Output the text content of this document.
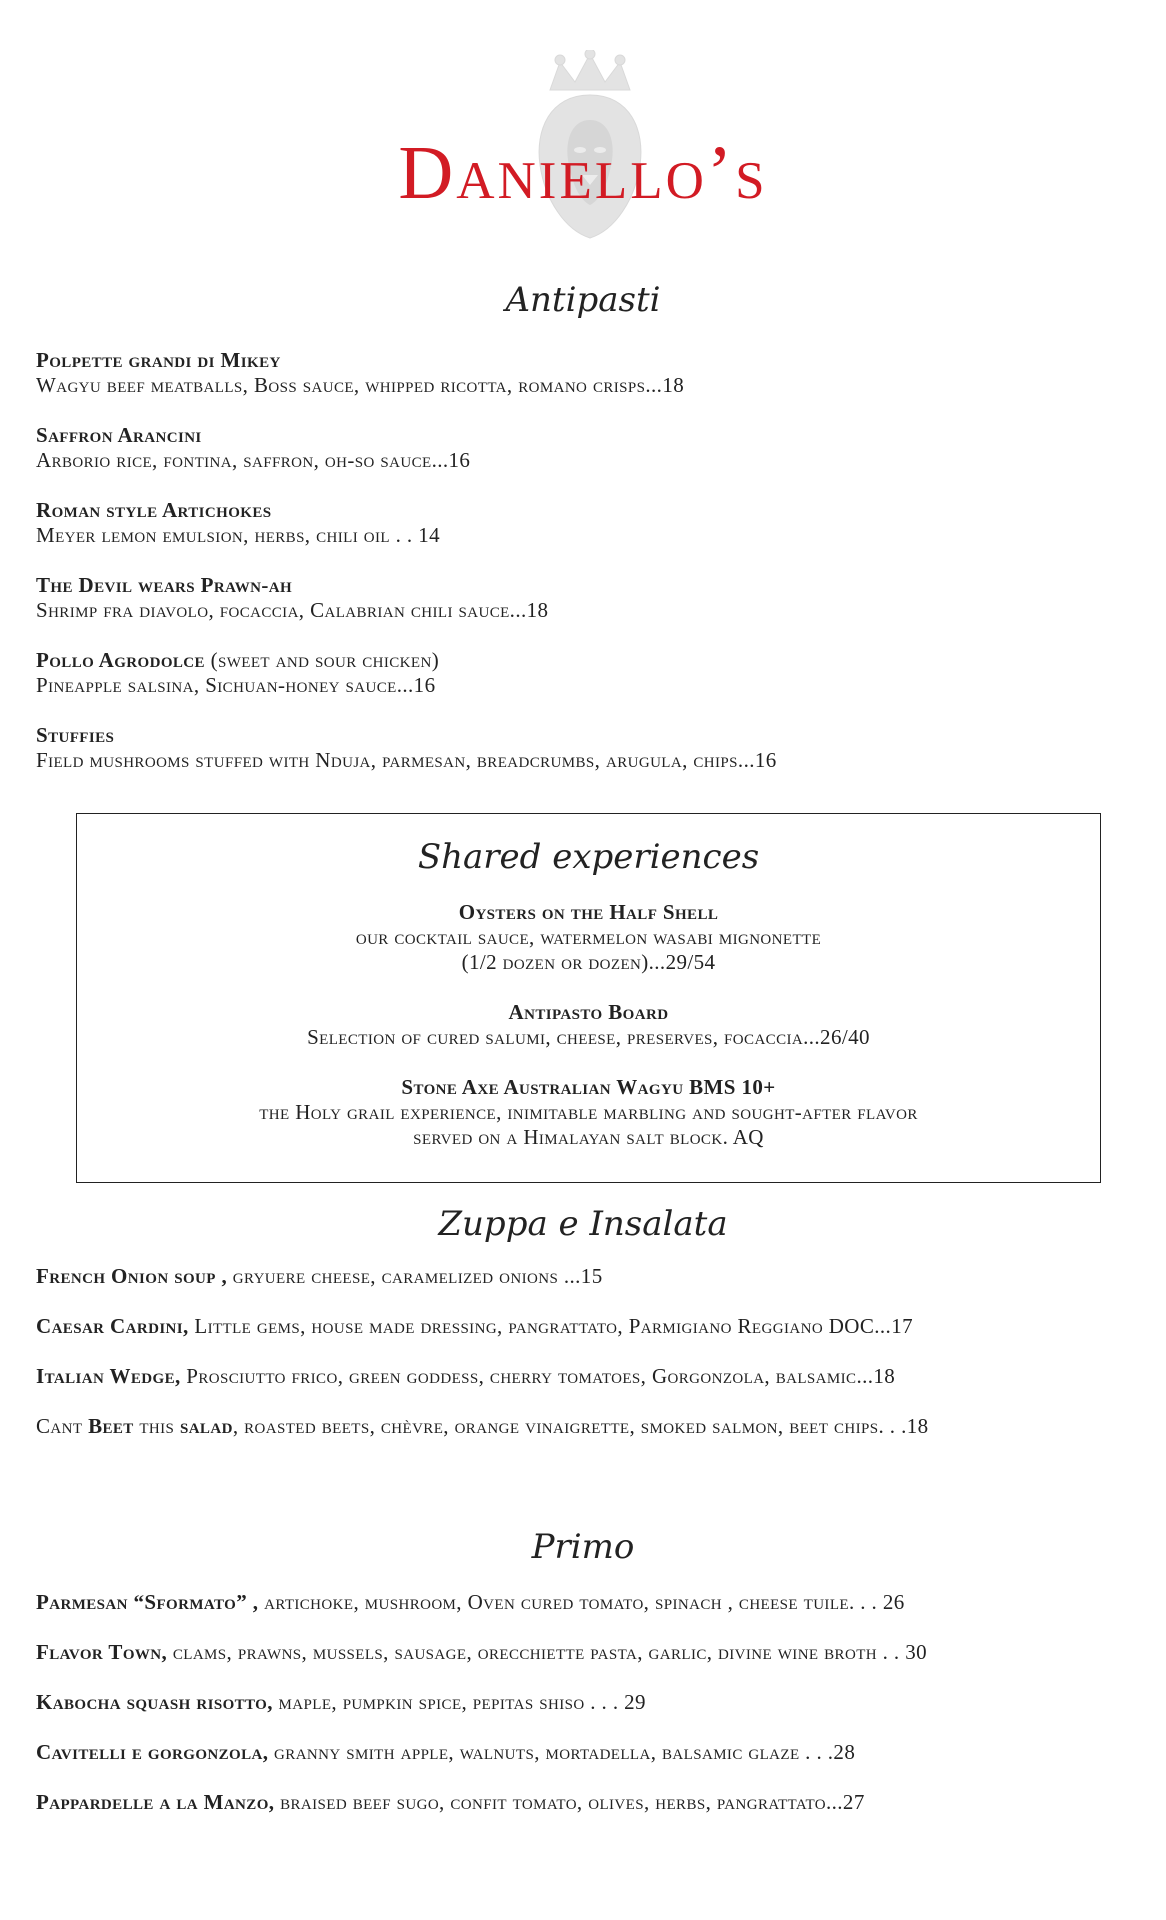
Daniello’s
Antipasti
Polpette grandi di Mikey
Wagyu beef meatballs, Boss sauce, whipped ricotta, romano crisps...18
Saffron Arancini
Arborio rice, fontina, saffron, oh-so sauce...16
Roman style Artichokes
Meyer lemon emulsion, herbs, chili oil . . 14
The Devil wears Prawn-ah
Shrimp fra diavolo, focaccia, Calabrian chili sauce...18
Pollo Agrodolce (sweet and sour chicken)
Pineapple salsina, Sichuan-honey sauce...16
Stuffies
Field mushrooms stuffed with Nduja, parmesan, breadcrumbs, arugula, chips...16
Shared experiences
Oysters on the Half Shell
our cocktail sauce, watermelon wasabi mignonette
(1/2 dozen or dozen)...29/54
Antipasto Board
Selection of cured salumi, cheese, preserves, focaccia...26/40
Stone Axe Australian Wagyu BMS 10+
the Holy grail experience, inimitable marbling and sought-after flavor
served on a Himalayan salt block. AQ
Zuppa e Insalata
French Onion soup , gryuere cheese, caramelized onions ...15
Caesar Cardini, Little gems, house made dressing, pangrattato, Parmigiano Reggiano DOC...17
Italian Wedge, Prosciutto frico, green goddess, cherry tomatoes, Gorgonzola, balsamic...18
Cant Beet this salad, roasted beets, chèvre, orange vinaigrette, smoked salmon, beet chips. . .18
Primo
Parmesan “Sformato” , artichoke, mushroom, Oven cured tomato, spinach , cheese tuile. . . 26
Flavor Town, clams, prawns, mussels, sausage, orecchiette pasta, garlic, divine wine broth . . 30
Kabocha squash risotto, maple, pumpkin spice, pepitas shiso . . . 29
Cavitelli e gorgonzola, granny smith apple, walnuts, mortadella, balsamic glaze . . .28
Pappardelle a la Manzo, braised beef sugo, confit tomato, olives, herbs, pangrattato...27
